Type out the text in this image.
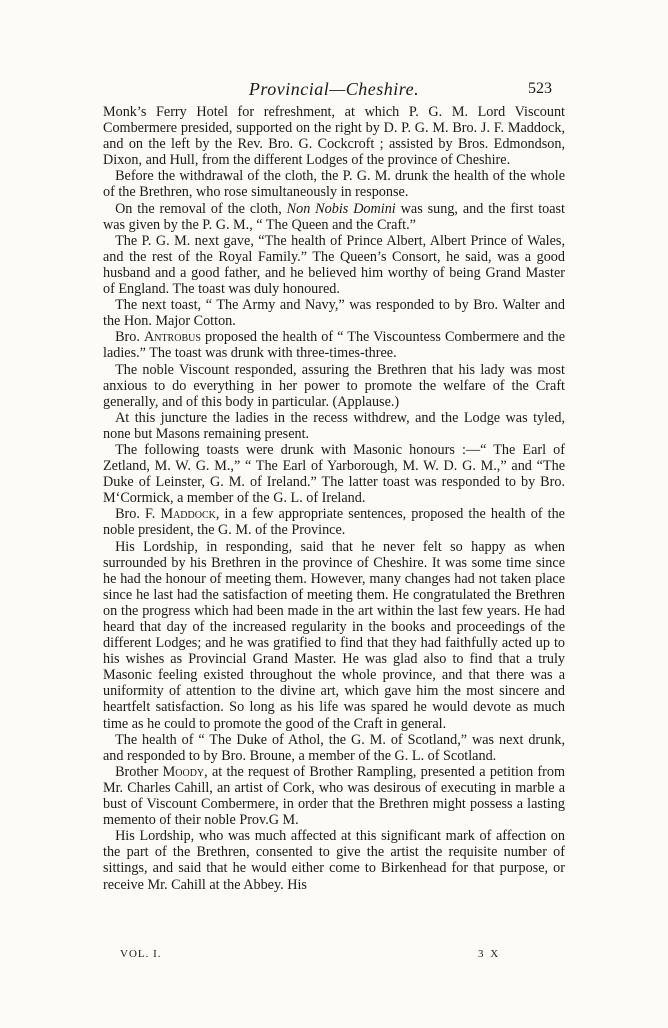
Provincial—Cheshire.	523

Monk’s Ferry Hotel for refreshment, at which P. G. M. Lord Viscount Combermere presided, supported on the right by D. P. G. M. Bro. J. F. Maddock, and on the left by the Rev. Bro. G. Cockcroft ; assisted by Bros. Edmondson, Dixon, and Hull, from the different Lodges of the province of Cheshire.

Before the withdrawal of the cloth, the P. G. M. drunk the health of the whole of the Brethren, who rose simultaneously in response.

On the removal of the cloth, Non Nobis Domini was sung, and the first toast was given by the P. G. M., “ The Queen and the Craft.”

The P. G. M. next gave, “The health of Prince Albert, Albert Prince of Wales, and the rest of the Royal Family.” The Queen’s Consort, he said, was a good husband and a good father, and he believed him worthy of being Grand Master of England. The toast was duly honoured.

The next toast, “ The Army and Navy,” was responded to by Bro. Walter and the Hon. Major Cotton.

Bro. Antrobus proposed the health of “ The Viscountess Combermere and the ladies.” The toast was drunk with three-times-three.

The noble Viscount responded, assuring the Brethren that his lady was most anxious to do everything in her power to promote the welfare of the Craft generally, and of this body in particular. (Applause.)

At this juncture the ladies in the recess withdrew, and the Lodge was tyled, none but Masons remaining present.

The following toasts were drunk with Masonic honours :—“ The Earl of Zetland, M. W. G. M.,” “ The Earl of Yarborough, M. W. D. G. M.,” and “The Duke of Leinster, G. M. of Ireland.” The latter toast was responded to by Bro. M‘Cormick, a member of the G. L. of Ireland.

Bro. F. Maddock, in a few appropriate sentences, proposed the health of the noble president, the G. M. of the Province.

His Lordship, in responding, said that he never felt so happy as when surrounded by his Brethren in the province of Cheshire. It was some time since he had the honour of meeting them. However, many changes had not taken place since he last had the satisfaction of meeting them. He congratulated the Brethren on the progress which had been made in the art within the last few years. He had heard that day of the increased regularity in the books and proceedings of the different Lodges; and he was gratified to find that they had faithfully acted up to his wishes as Provincial Grand Master. He was glad also to find that a truly Masonic feeling existed throughout the whole province, and that there was a uniformity of attention to the divine art, which gave him the most sincere and heartfelt satisfaction. So long as his life was spared he would devote as much time as he could to promote the good of the Craft in general.

The health of “ The Duke of Athol, the G. M. of Scotland,” was next drunk, and responded to by Bro. Broune, a member of the G. L. of Scotland.

Brother Moody, at the request of Brother Rampling, presented a petition from Mr. Charles Cahill, an artist of Cork, who was desirous of executing in marble a bust of Viscount Combermere, in order that the Brethren might possess a lasting memento of their noble Prov.G M.

His Lordship, who was much affected at this significant mark of affection on the part of the Brethren, consented to give the artist the requisite number of sittings, and said that he would either come to Birkenhead for that purpose, or receive Mr. Cahill at the Abbey. His

VOL. I.	3 X
